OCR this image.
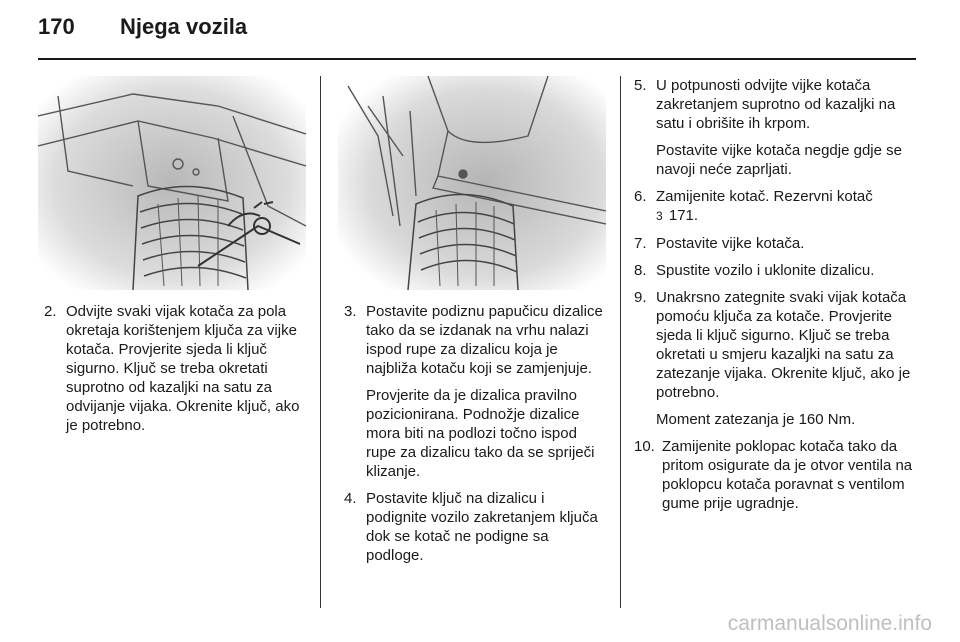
170 Njega vozila
2. Odvijte svaki vijak kotača za pola okretaja korištenjem ključa za vijke kotača. Provjerite sjeda li ključ sigurno. Ključ se treba okretati suprotno od kazaljki na satu za odvijanje vijaka. Okrenite ključ, ako je potrebno.

3. Postavite podiznu papučicu dizalice tako da se izdanak na vrhu nalazi ispod rupe za dizalicu koja je najbliža kotaču koji se zamjenjuje.

Provjerite da je dizalica pravilno pozicionirana. Podnožje dizalice mora biti na podlozi točno ispod rupe za dizalicu tako da se spriječi klizanje.

4. Postavite ključ na dizalicu i podignite vozilo zakretanjem ključa dok se kotač ne podigne sa podloge.

5. U potpunosti odvijte vijke kotača zakretanjem suprotno od kazaljki na satu i obrišite ih krpom.

Postavite vijke kotača negdje gdje se navoji neće zaprljati.

6. Zamijenite kotač. Rezervni kotač
3 171.

7. Postavite vijke kotača.

8. Spustite vozilo i uklonite dizalicu.

9. Unakrsno zategnite svaki vijak kotača pomoću ključa za kotače. Provjerite sjeda li ključ sigurno. Ključ se treba okretati u smjeru kazaljki na satu za zatezanje vijaka. Okrenite ključ, ako je potrebno.

Moment zatezanja je 160 Nm.

10. Zamijenite poklopac kotača tako da pritom osigurate da je otvor ventila na poklopcu kotača poravnat s ventilom gume prije ugradnje.

carmanualsonline.info
